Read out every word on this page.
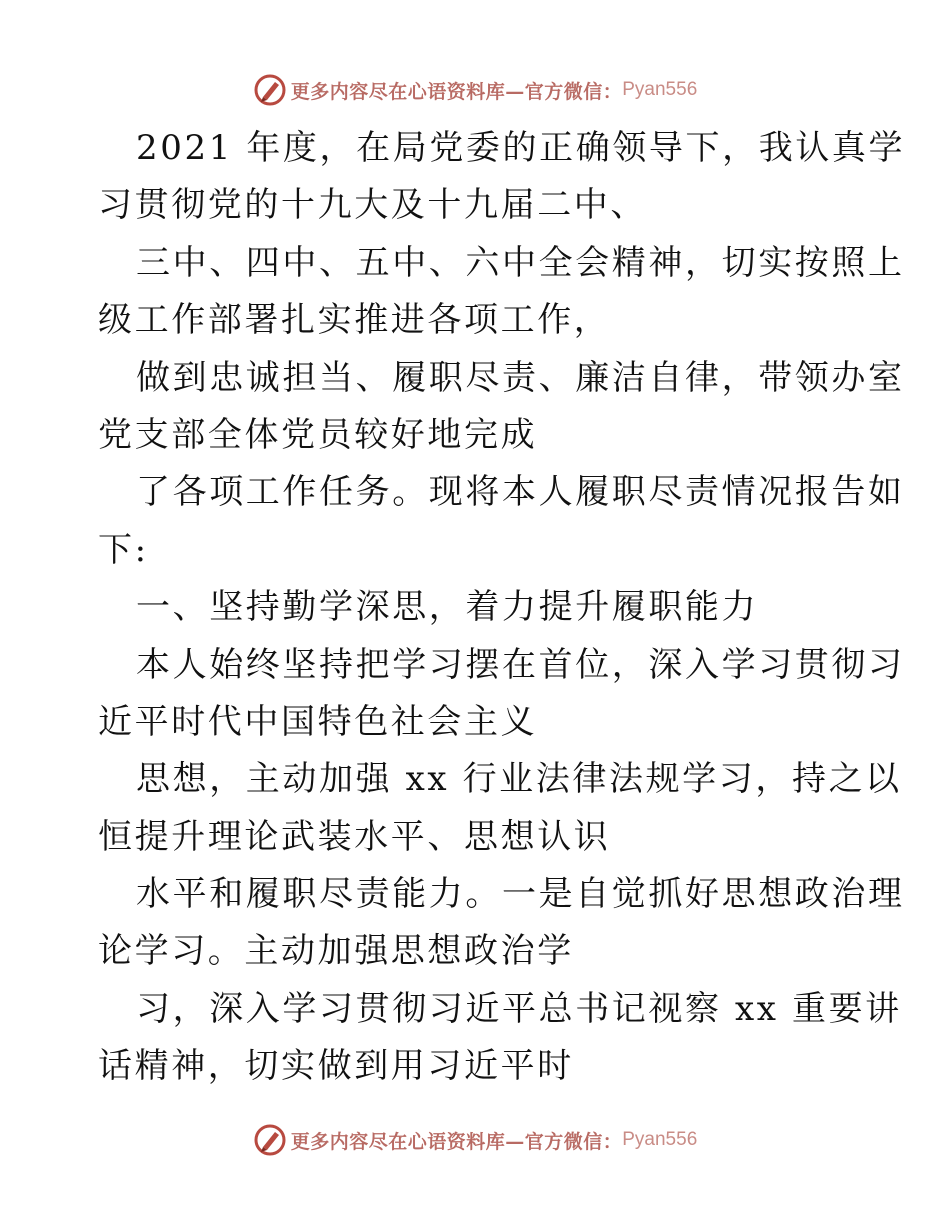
更多内容尽在心语资料库—官方微信： Pyan556
2021 年度，在局党委的正确领导下，我认真学
习贯彻党的十九大及十九届二中、
三中、四中、五中、六中全会精神，切实按照上
级工作部署扎实推进各项工作，
做到忠诚担当、履职尽责、廉洁自律，带领办室
党支部全体党员较好地完成
了各项工作任务。现将本人履职尽责情况报告如
下:
一、坚持勤学深思，着力提升履职能力
本人始终坚持把学习摆在首位，深入学习贯彻习
近平时代中国特色社会主义
思想，主动加强 xx 行业法律法规学习，持之以
恒提升理论武装水平、思想认识
水平和履职尽责能力。一是自觉抓好思想政治理
论学习。主动加强思想政治学
习，深入学习贯彻习近平总书记视察 xx 重要讲
话精神，切实做到用习近平时
更多内容尽在心语资料库—官方微信： Pyan556
